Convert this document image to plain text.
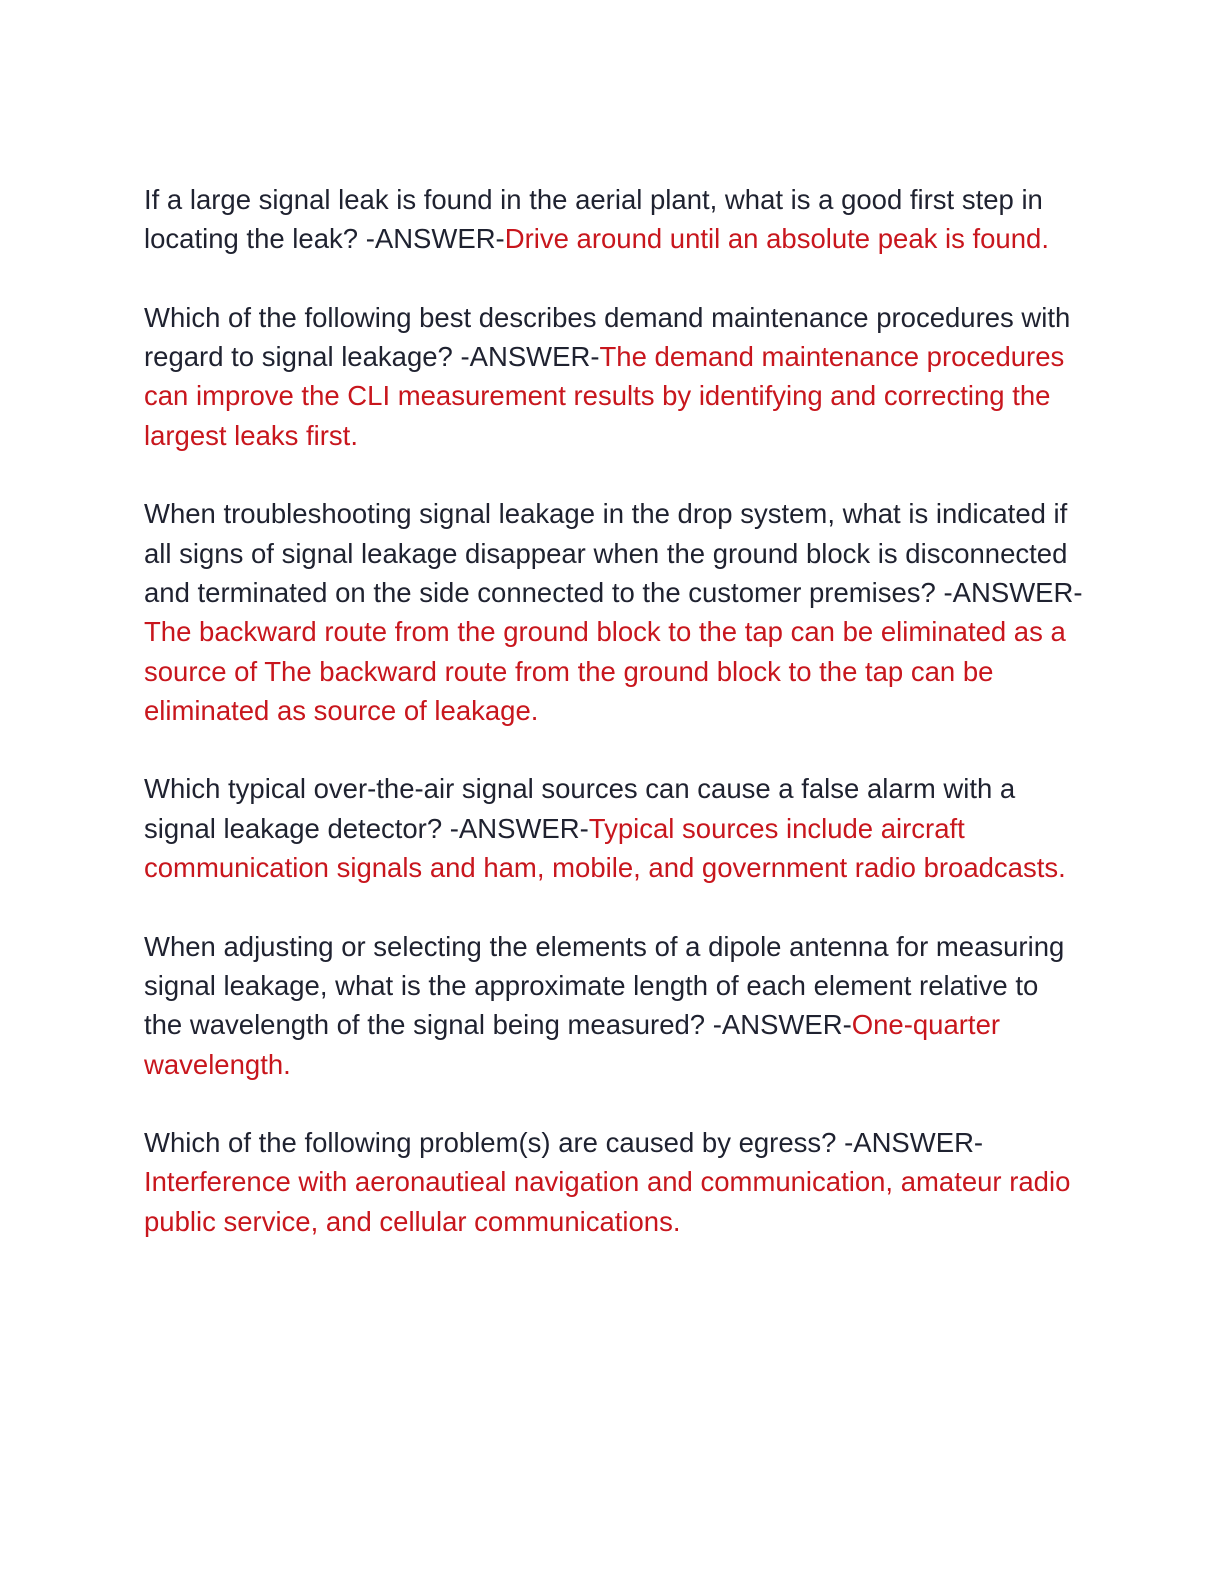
If a large signal leak is found in the aerial plant, what is a good first step in locating the leak? -ANSWER-Drive around until an absolute peak is found.

Which of the following best describes demand maintenance procedures with regard to signal leakage? -ANSWER-The demand maintenance procedures can improve the CLI measurement results by identifying and correcting the largest leaks first.

When troubleshooting signal leakage in the drop system, what is indicated if all signs of signal leakage disappear when the ground block is disconnected and terminated on the side connected to the customer premises? -ANSWER-The backward route from the ground block to the tap can be eliminated as a source of The backward route from the ground block to the tap can be eliminated as source of leakage.

Which typical over-the-air signal sources can cause a false alarm with a signal leakage detector? -ANSWER-Typical sources include aircraft communication signals and ham, mobile, and government radio broadcasts.

When adjusting or selecting the elements of a dipole antenna for measuring signal leakage, what is the approximate length of each element relative to the wavelength of the signal being measured? -ANSWER-One-quarter wavelength.

Which of the following problem(s) are caused by egress? -ANSWER-Interference with aeronautieal navigation and communication, amateur radio public service, and cellular communications.
